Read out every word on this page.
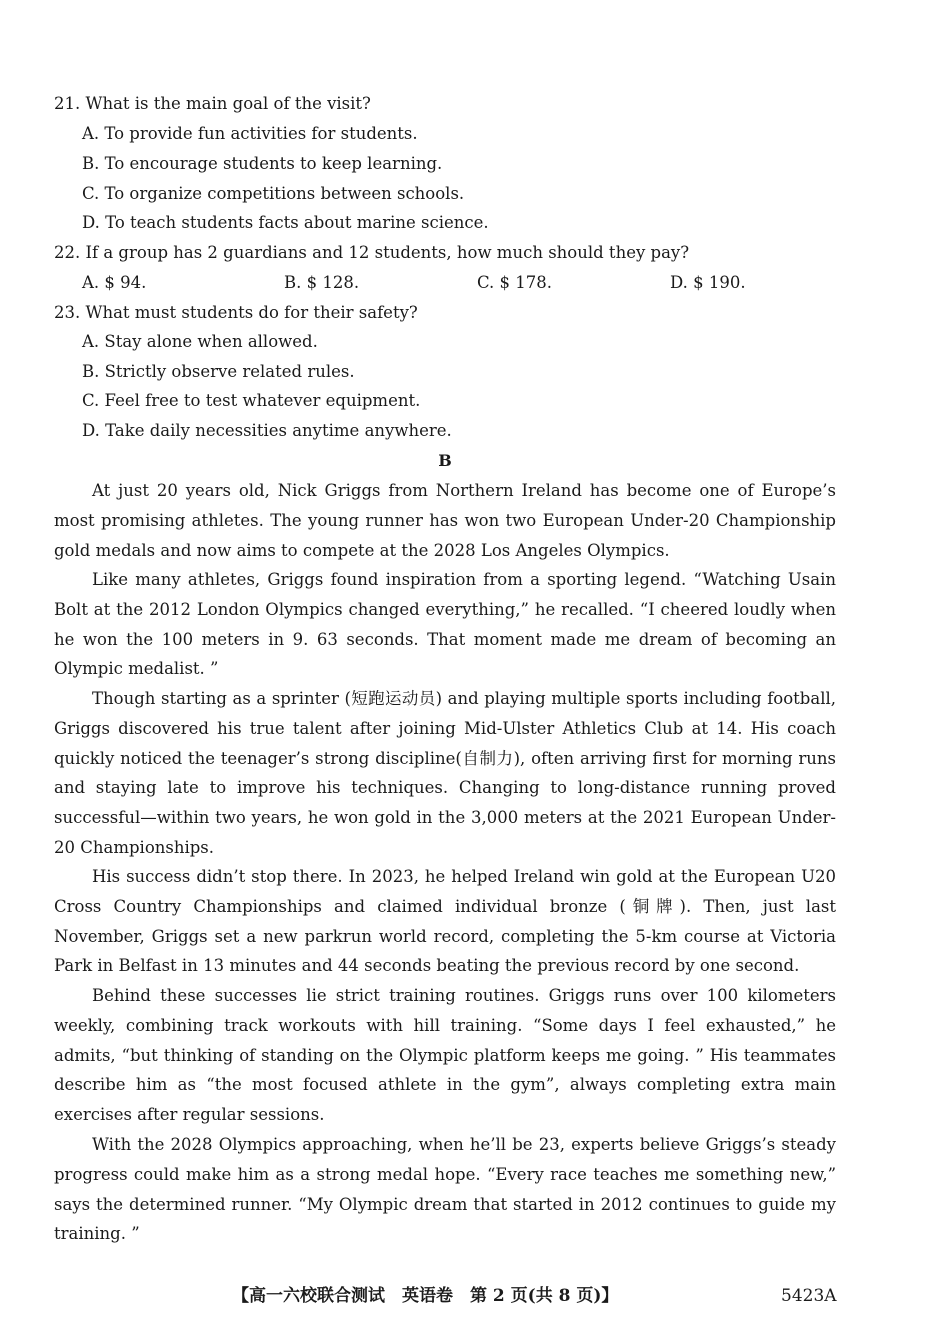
21. What is the main goal of the visit?
A. To provide fun activities for students.
B. To encourage students to keep learning.
C. To organize competitions between schools.
D. To teach students facts about marine science.
22. If a group has 2 guardians and 12 students, how much should they pay?
A. $ 94.	B. $ 128.	C. $ 178.	D. $ 190.
23. What must students do for their safety?
A. Stay alone when allowed.
B. Strictly observe related rules.
C. Feel free to test whatever equipment.
D. Take daily necessities anytime anywhere.
B

At just 20 years old, Nick Griggs from Northern Ireland has become one of Europe’s most promising athletes. The young runner has won two European Under-20 Championship gold medals and now aims to compete at the 2028 Los Angeles Olympics.

Like many athletes, Griggs found inspiration from a sporting legend. “Watching Usain Bolt at the 2012 London Olympics changed everything,” he recalled. “I cheered loudly when he won the 100 meters in 9. 63 seconds. That moment made me dream of becoming an Olympic medalist. ”

Though starting as a sprinter (短跑运动员) and playing multiple sports including football, Griggs discovered his true talent after joining Mid-Ulster Athletics Club at 14. His coach quickly noticed the teenager’s strong discipline(自制力), often arriving first for morning runs and staying late to improve his techniques. Changing to long-distance running proved successful—within two years, he won gold in the 3,000 meters at the 2021 European Under-20 Championships.

His success didn’t stop there. In 2023, he helped Ireland win gold at the European U20 Cross Country Championships and claimed individual bronze (铜牌). Then, just last November, Griggs set a new parkrun world record, completing the 5-km course at Victoria Park in Belfast in 13 minutes and 44 seconds beating the previous record by one second.

Behind these successes lie strict training routines. Griggs runs over 100 kilometers weekly, combining track workouts with hill training. “Some days I feel exhausted,” he admits, “but thinking of standing on the Olympic platform keeps me going. ” His teammates describe him as “the most focused athlete in the gym”, always completing extra main exercises after regular sessions.

With the 2028 Olympics approaching, when he’ll be 23, experts believe Griggs’s steady progress could make him as a strong medal hope. “Every race teaches me something new,” says the determined runner. “My Olympic dream that started in 2012 continues to guide my training. ”

【高一六校联合测试　英语卷　第 2 页(共 8 页)】	5423A
